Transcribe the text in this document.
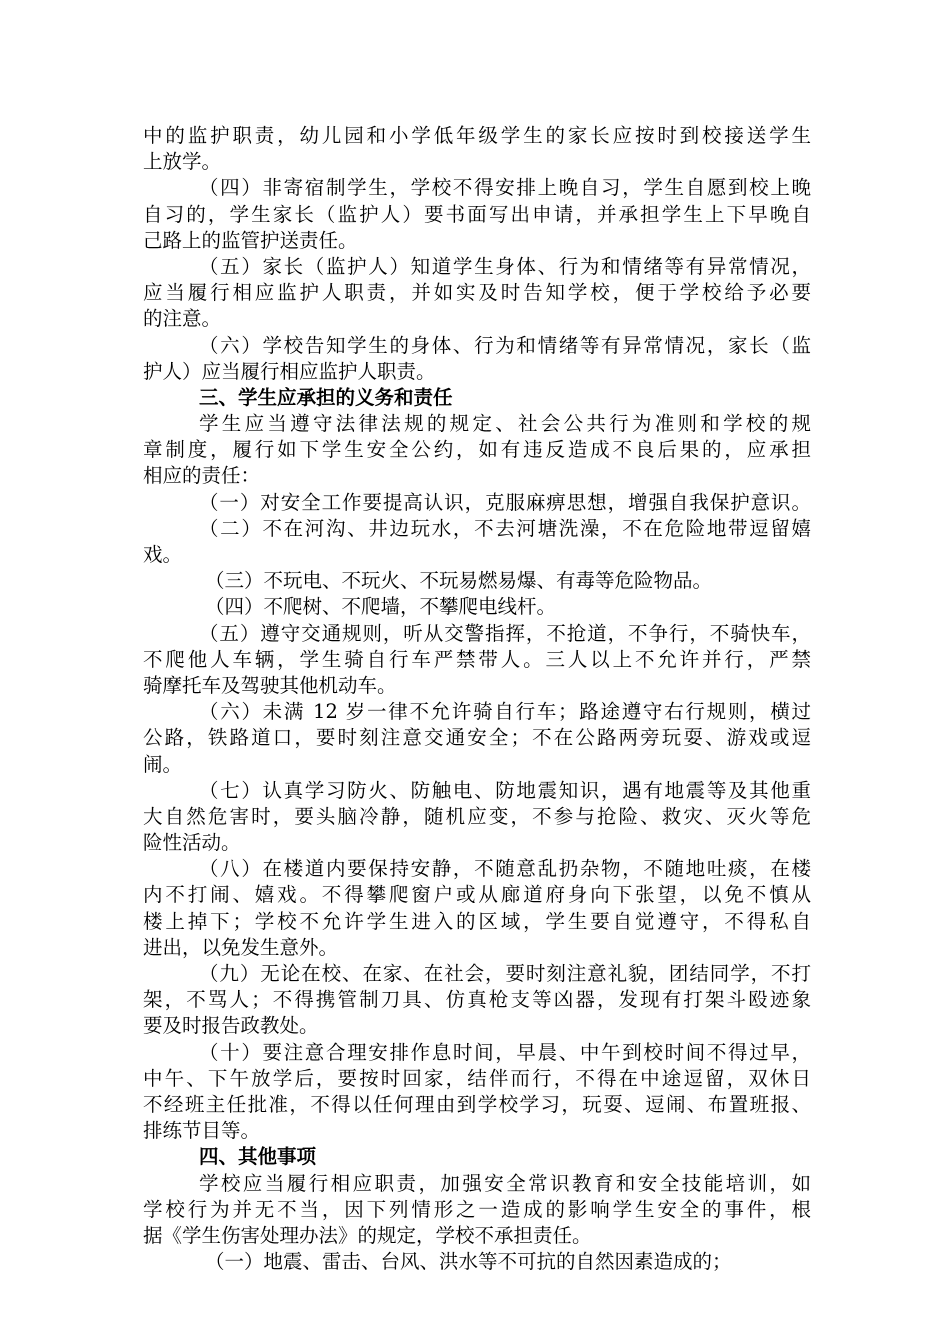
中的监护职责，幼儿园和小学低年级学生的家长应按时到校接送学生
上放学。
（四）非寄宿制学生，学校不得安排上晚自习，学生自愿到校上晚
自习的，学生家长（监护人）要书面写出申请，并承担学生上下早晚自
己路上的监管护送责任。
（五）家长（监护人）知道学生身体、行为和情绪等有异常情况，
应当履行相应监护人职责，并如实及时告知学校，便于学校给予必要
的注意。
（六）学校告知学生的身体、行为和情绪等有异常情况，家长（监
护人）应当履行相应监护人职责。
三、学生应承担的义务和责任
学生应当遵守法律法规的规定、社会公共行为准则和学校的规
章制度，履行如下学生安全公约，如有违反造成不良后果的，应承担
相应的责任：
（一）对安全工作要提高认识，克服麻痹思想，增强自我保护意识。
（二）不在河沟、井边玩水，不去河塘洗澡，不在危险地带逗留嬉
戏。
（三）不玩电、不玩火、不玩易燃易爆、有毒等危险物品。
（四）不爬树、不爬墙，不攀爬电线杆。
（五）遵守交通规则，听从交警指挥，不抢道，不争行，不骑快车，
不爬他人车辆，学生骑自行车严禁带人。三人以上不允许并行，严禁
骑摩托车及驾驶其他机动车。
（六）未满 12 岁一律不允许骑自行车；路途遵守右行规则，横过
公路，铁路道口，要时刻注意交通安全；不在公路两旁玩耍、游戏或逗
闹。
（七）认真学习防火、防触电、防地震知识，遇有地震等及其他重
大自然危害时，要头脑冷静，随机应变，不参与抢险、救灾、灭火等危
险性活动。
（八）在楼道内要保持安静，不随意乱扔杂物，不随地吐痰，在楼
内不打闹、嬉戏。不得攀爬窗户或从廊道府身向下张望，以免不慎从
楼上掉下；学校不允许学生进入的区域，学生要自觉遵守，不得私自
进出，以免发生意外。
（九）无论在校、在家、在社会，要时刻注意礼貌，团结同学，不打
架，不骂人；不得携管制刀具、仿真枪支等凶器，发现有打架斗殴迹象
要及时报告政教处。
（十）要注意合理安排作息时间，早晨、中午到校时间不得过早，
中午、下午放学后，要按时回家，结伴而行，不得在中途逗留，双休日
不经班主任批准，不得以任何理由到学校学习，玩耍、逗闹、布置班报、
排练节目等。
四、其他事项
学校应当履行相应职责，加强安全常识教育和安全技能培训，如
学校行为并无不当，因下列情形之一造成的影响学生安全的事件，根
据《学生伤害处理办法》的规定，学校不承担责任。
（一）地震、雷击、台风、洪水等不可抗的自然因素造成的；
